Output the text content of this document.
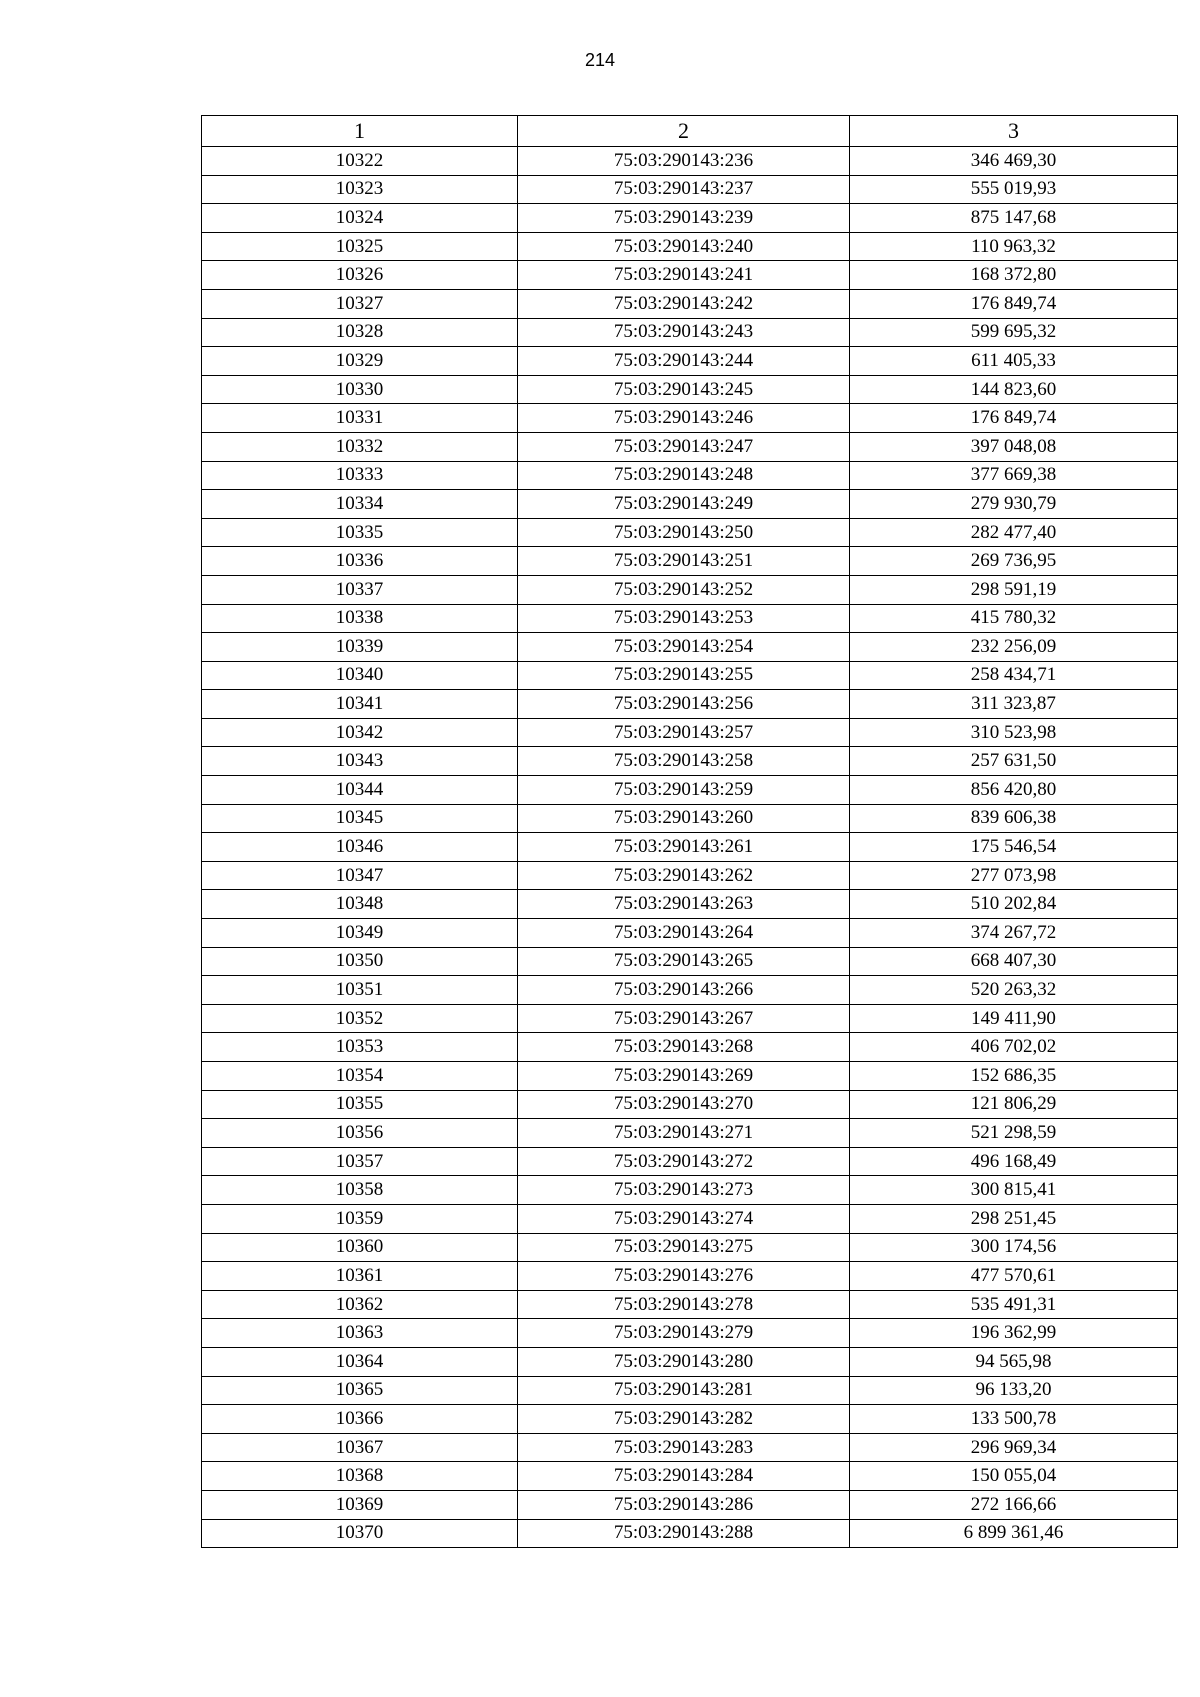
214
1	2	3
10322	75:03:290143:236	346 469,30
10323	75:03:290143:237	555 019,93
10324	75:03:290143:239	875 147,68
10325	75:03:290143:240	110 963,32
10326	75:03:290143:241	168 372,80
10327	75:03:290143:242	176 849,74
10328	75:03:290143:243	599 695,32
10329	75:03:290143:244	611 405,33
10330	75:03:290143:245	144 823,60
10331	75:03:290143:246	176 849,74
10332	75:03:290143:247	397 048,08
10333	75:03:290143:248	377 669,38
10334	75:03:290143:249	279 930,79
10335	75:03:290143:250	282 477,40
10336	75:03:290143:251	269 736,95
10337	75:03:290143:252	298 591,19
10338	75:03:290143:253	415 780,32
10339	75:03:290143:254	232 256,09
10340	75:03:290143:255	258 434,71
10341	75:03:290143:256	311 323,87
10342	75:03:290143:257	310 523,98
10343	75:03:290143:258	257 631,50
10344	75:03:290143:259	856 420,80
10345	75:03:290143:260	839 606,38
10346	75:03:290143:261	175 546,54
10347	75:03:290143:262	277 073,98
10348	75:03:290143:263	510 202,84
10349	75:03:290143:264	374 267,72
10350	75:03:290143:265	668 407,30
10351	75:03:290143:266	520 263,32
10352	75:03:290143:267	149 411,90
10353	75:03:290143:268	406 702,02
10354	75:03:290143:269	152 686,35
10355	75:03:290143:270	121 806,29
10356	75:03:290143:271	521 298,59
10357	75:03:290143:272	496 168,49
10358	75:03:290143:273	300 815,41
10359	75:03:290143:274	298 251,45
10360	75:03:290143:275	300 174,56
10361	75:03:290143:276	477 570,61
10362	75:03:290143:278	535 491,31
10363	75:03:290143:279	196 362,99
10364	75:03:290143:280	94 565,98
10365	75:03:290143:281	96 133,20
10366	75:03:290143:282	133 500,78
10367	75:03:290143:283	296 969,34
10368	75:03:290143:284	150 055,04
10369	75:03:290143:286	272 166,66
10370	75:03:290143:288	6 899 361,46
